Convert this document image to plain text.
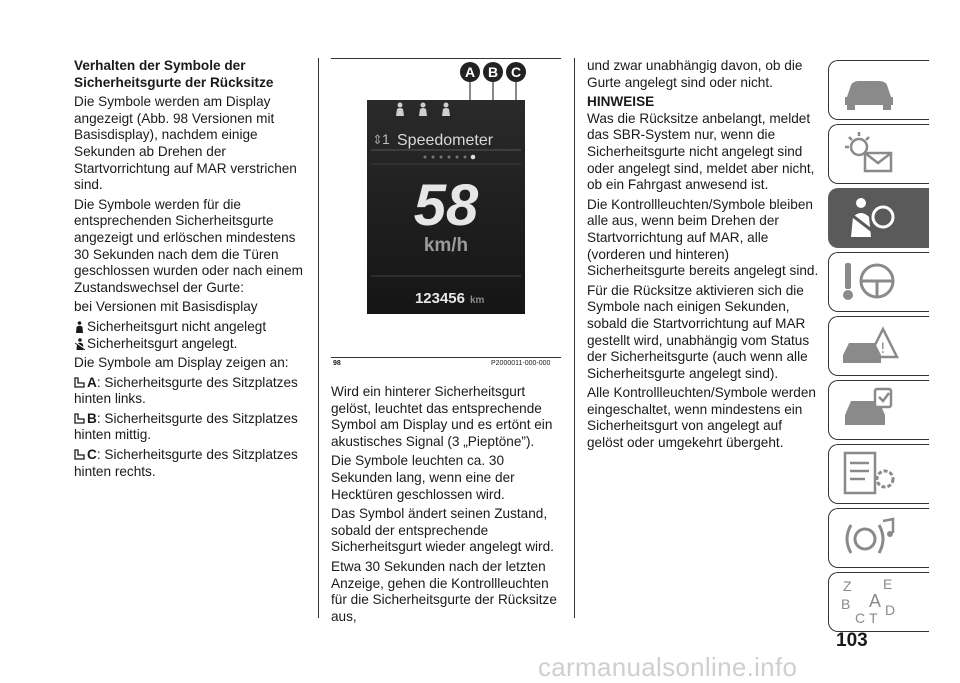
Verhalten der Symbole der Sicherheitsgurte der Rücksitze

Die Symbole werden am Display angezeigt (Abb. 98 Versionen mit Basisdisplay), nachdem einige Sekunden ab Drehen der Startvorrichtung auf MAR verstrichen sind.

Die Symbole werden für die entsprechenden Sicherheitsgurte angezeigt und erlöschen mindestens 30 Sekunden nach dem die Türen geschlossen wurden oder nach einem Zustandswechsel der Gurte:

bei Versionen mit Basisdisplay

Sicherheitsgurt nicht angelegt

Sicherheitsgurt angelegt.

Die Symbole am Display zeigen an:

A: Sicherheitsgurte des Sitzplatzes hinten links.

B: Sicherheitsgurte des Sitzplatzes hinten mittig.

C: Sicherheitsgurte des Sitzplatzes hinten rechts.

A B C
⇕ 1 Speedometer
58
km/h
123456 km
98	P2000011-000-000

Wird ein hinterer Sicherheitsgurt gelöst, leuchtet das entsprechende Symbol am Display und es ertönt ein akustisches Signal (3 „Pieptöne”).

Die Symbole leuchten ca. 30 Sekunden lang, wenn eine der Hecktüren geschlossen wird.

Das Symbol ändert seinen Zustand, sobald der entsprechende Sicherheitsgurt wieder angelegt wird.

Etwa 30 Sekunden nach der letzten Anzeige, gehen die Kontrollleuchten für die Sicherheitsgurte der Rücksitze aus,

und zwar unabhängig davon, ob die Gurte angelegt sind oder nicht.

HINWEISE

Was die Rücksitze anbelangt, meldet das SBR-System nur, wenn die Sicherheitsgurte nicht angelegt sind oder angelegt sind, meldet aber nicht, ob ein Fahrgast anwesend ist.

Die Kontrollleuchten/Symbole bleiben alle aus, wenn beim Drehen der Startvorrichtung auf MAR, alle (vorderen und hinteren) Sicherheitsgurte bereits angelegt sind.

Für die Rücksitze aktivieren sich die Symbole nach einigen Sekunden, sobald die Startvorrichtung auf MAR gestellt wird, unabhängig vom Status der Sicherheitsgurte (auch wenn alle Sicherheitsgurte angelegt sind).

Alle Kontrollleuchten/Symbole werden eingeschaltet, wenn mindestens ein Sicherheitsgurt von angelegt auf gelöst oder umgekehrt übergeht.

!
Z E
B A
C T D
103
carmanualsonline.info
